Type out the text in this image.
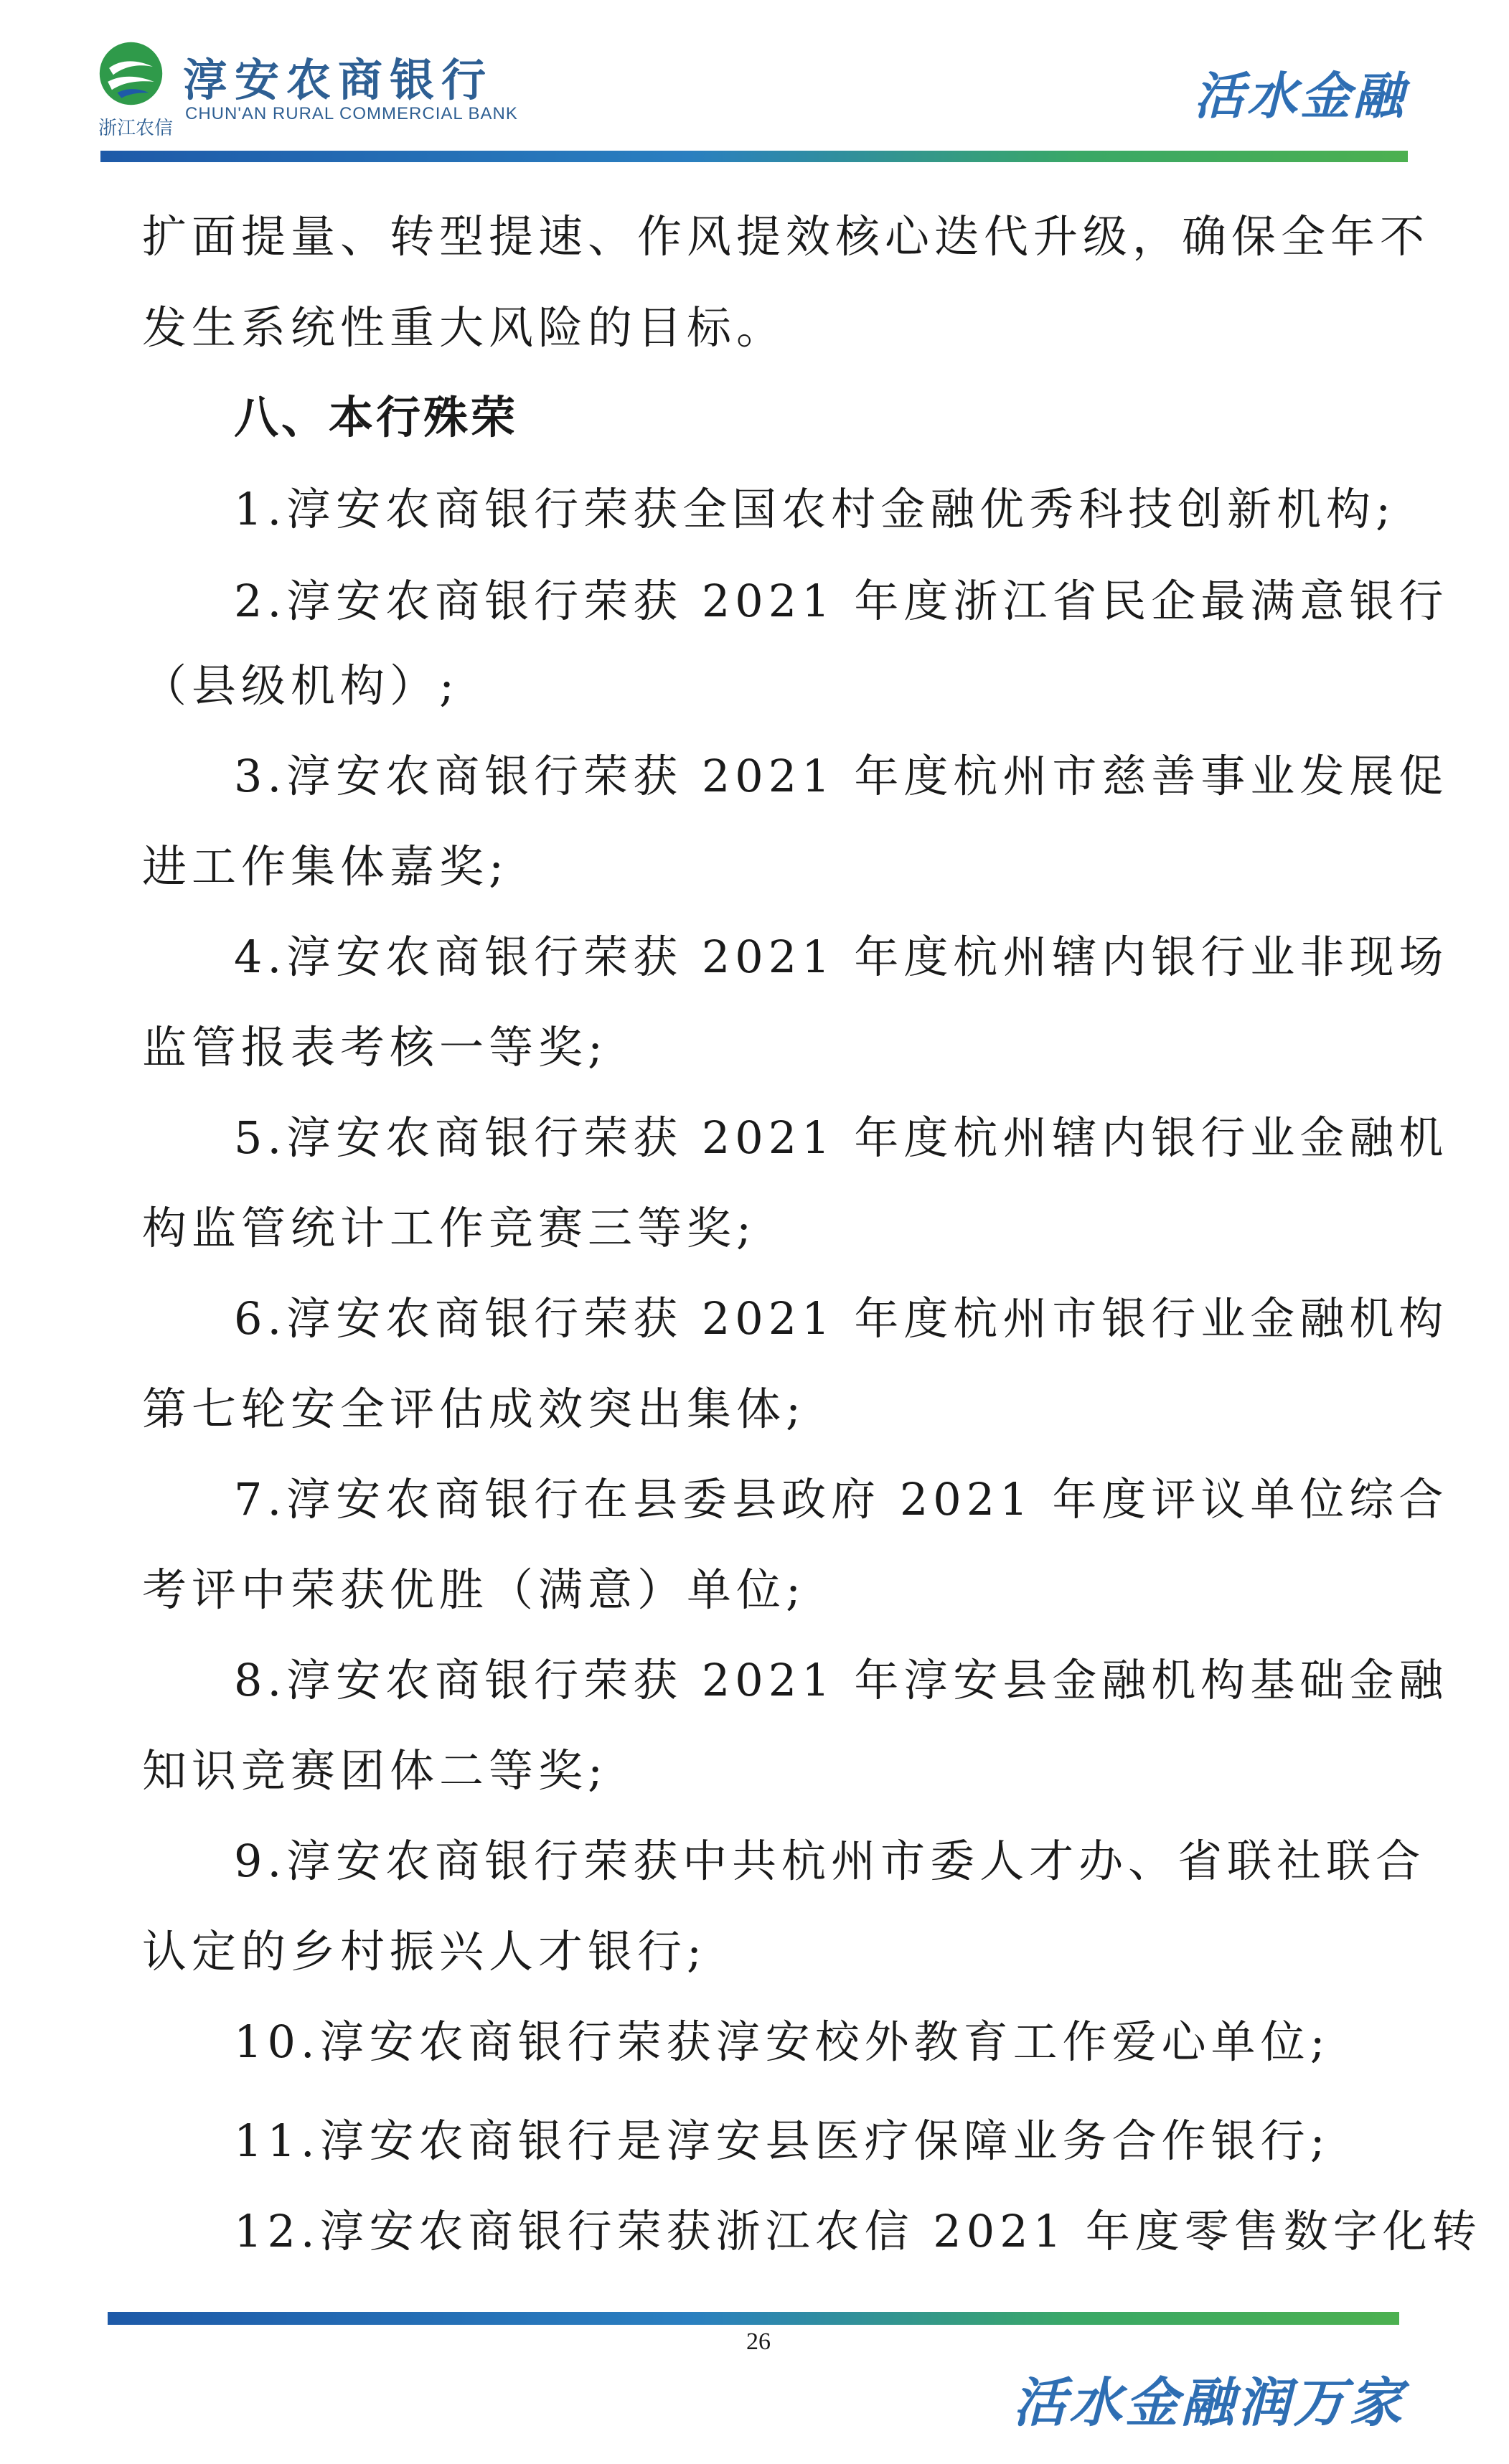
浙江农信
淳安农商银行
CHUN'AN RURAL COMMERCIAL BANK	活水金融
扩面提量、转型提速、作风提效核心迭代升级，确保全年不
发生系统性重大风险的目标。
八、本行殊荣
1.淳安农商银行荣获全国农村金融优秀科技创新机构;
2.淳安农商银行荣获 2021 年度浙江省民企最满意银行
（县级机构）;
3.淳安农商银行荣获 2021 年度杭州市慈善事业发展促
进工作集体嘉奖;
4.淳安农商银行荣获 2021 年度杭州辖内银行业非现场
监管报表考核一等奖;
5.淳安农商银行荣获 2021 年度杭州辖内银行业金融机
构监管统计工作竞赛三等奖;
6.淳安农商银行荣获 2021 年度杭州市银行业金融机构
第七轮安全评估成效突出集体;
7.淳安农商银行在县委县政府 2021 年度评议单位综合
考评中荣获优胜（满意）单位;
8.淳安农商银行荣获 2021 年淳安县金融机构基础金融
知识竞赛团体二等奖;
9.淳安农商银行荣获中共杭州市委人才办、省联社联合
认定的乡村振兴人才银行;
10.淳安农商银行荣获淳安校外教育工作爱心单位;
11.淳安农商银行是淳安县医疗保障业务合作银行;
12.淳安农商银行荣获浙江农信 2021 年度零售数字化转
26
活水金融润万家
